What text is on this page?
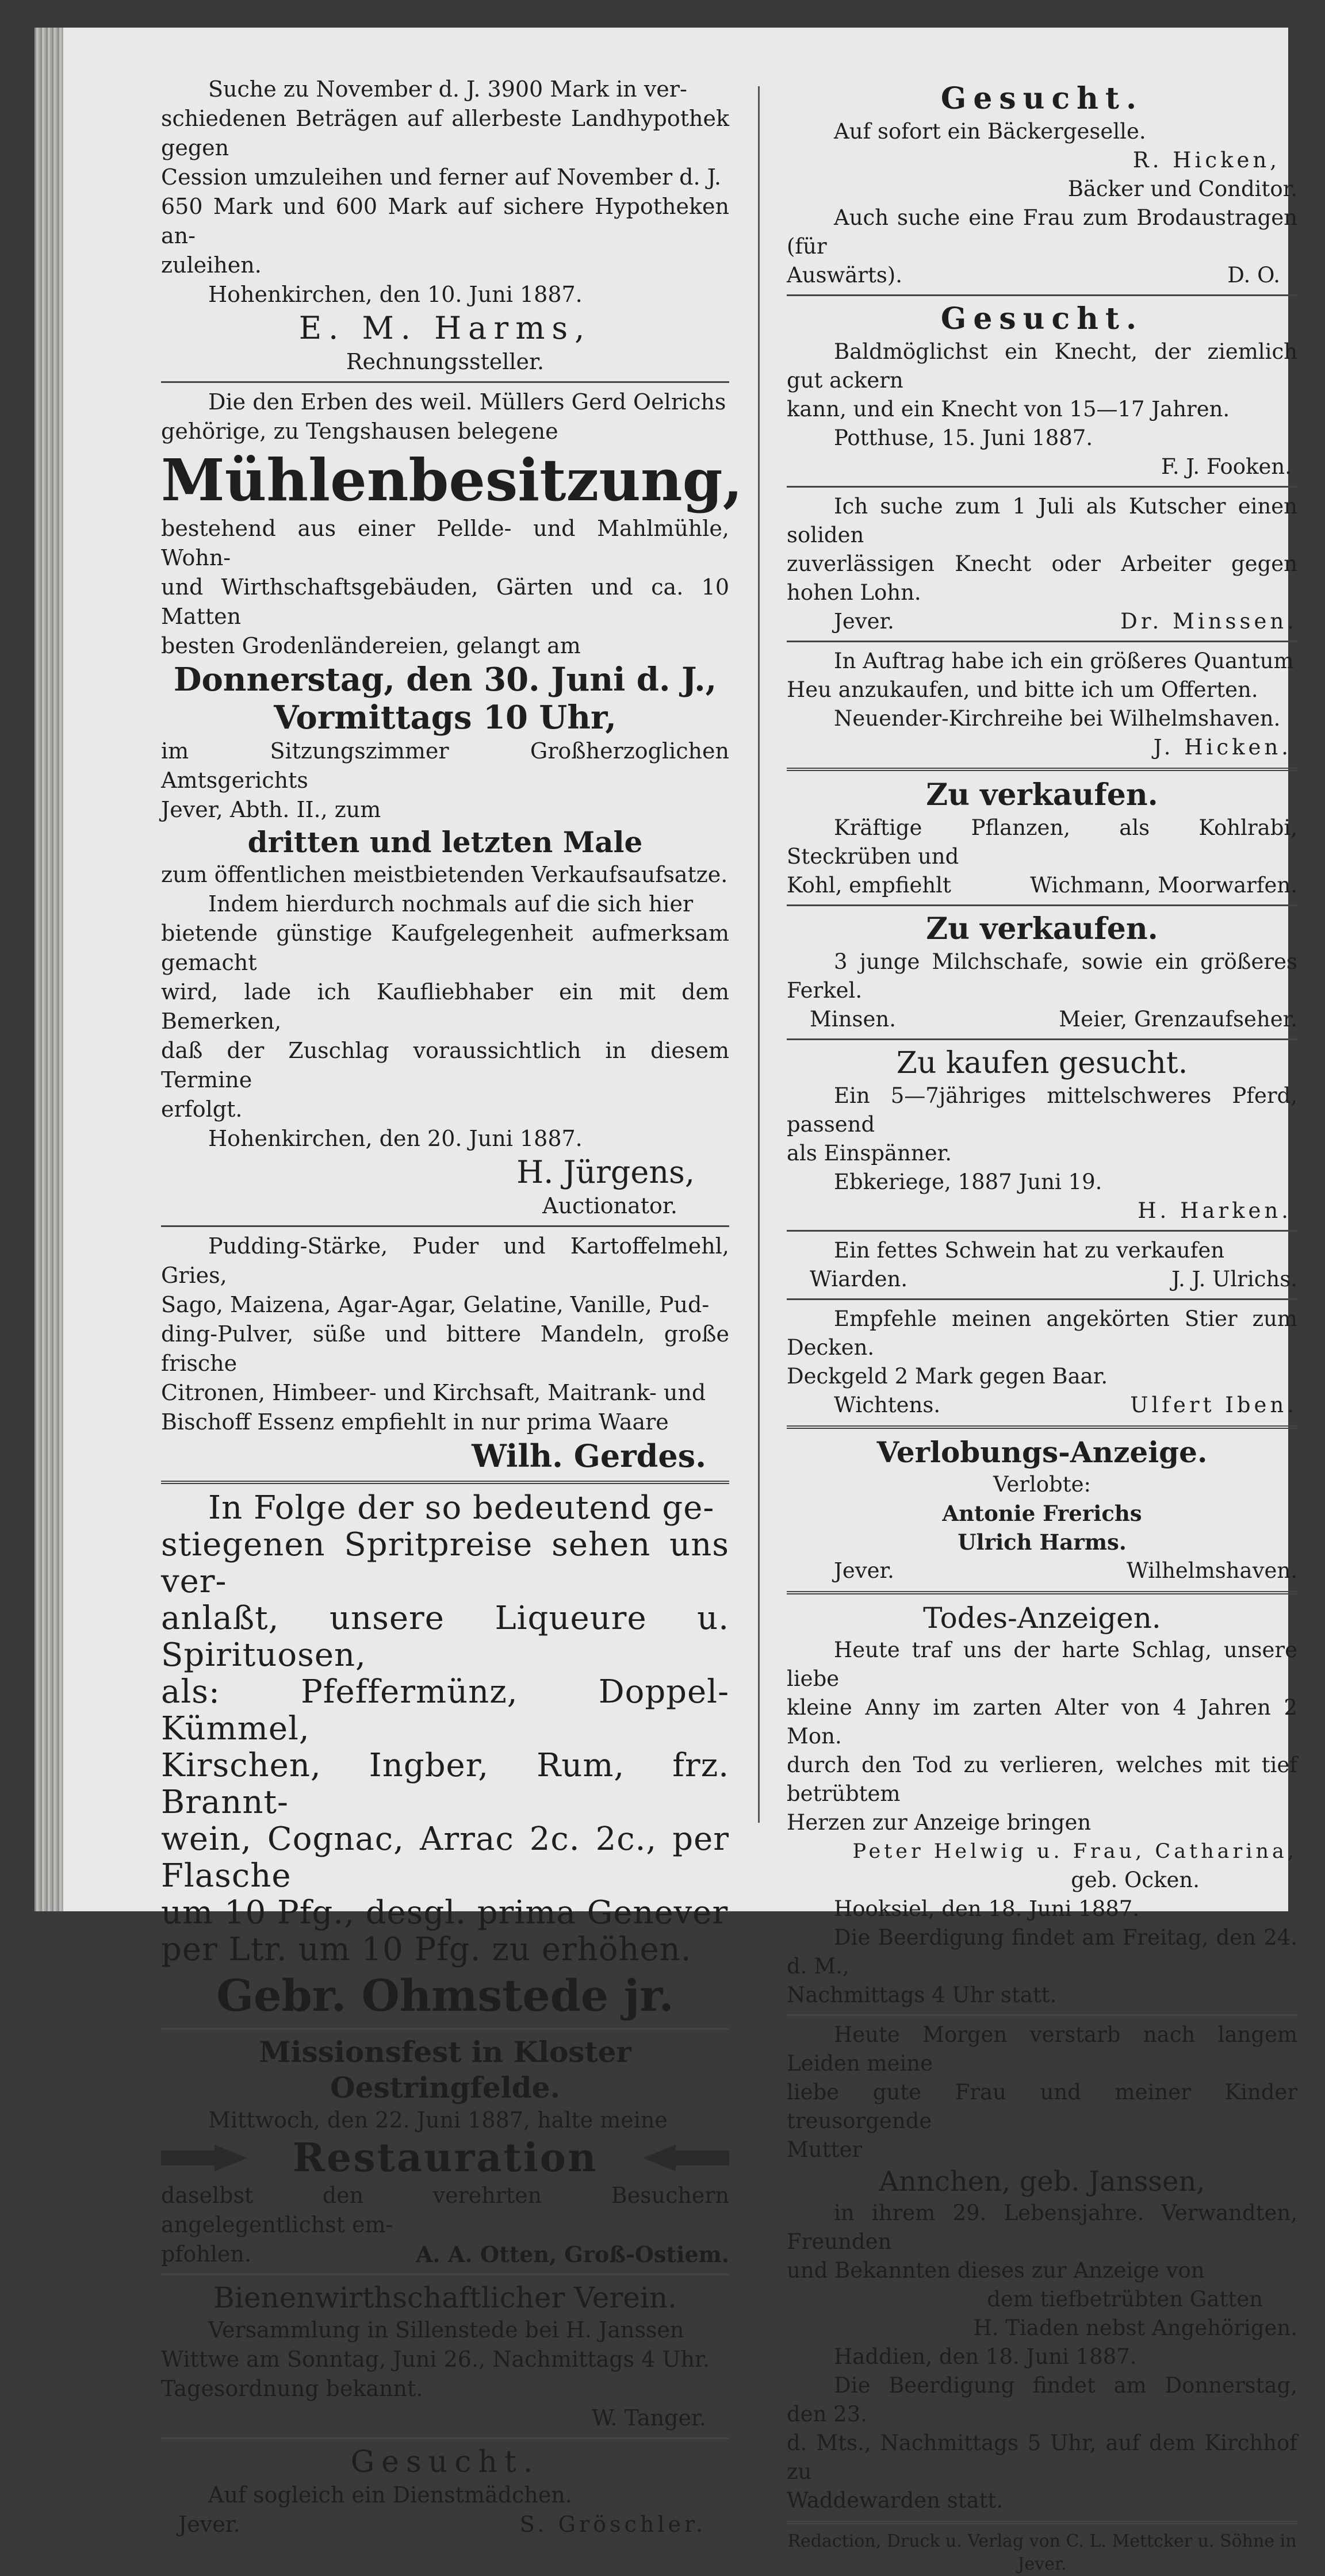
Suche zu November d. J. 3900 Mark in ver-

schiedenen Beträgen auf allerbeste Landhypothek gegen

Cession umzuleihen und ferner auf November d. J.

650 Mark und 600 Mark auf sichere Hypotheken an-

zuleihen.

Hohenkirchen, den 10. Juni 1887.

E. M. Harms,

Rechnungssteller.

Die den Erben des weil. Müllers Gerd Oelrichs

gehörige, zu Tengshausen belegene

Mühlenbesitzung,

bestehend aus einer Pellde- und Mahlmühle, Wohn-

und Wirthschaftsgebäuden, Gärten und ca. 10 Matten

besten Grodenländereien, gelangt am

Donnerstag, den 30. Juni d. J.,

Vormittags 10 Uhr,

im Sitzungszimmer Großherzoglichen Amtsgerichts

Jever, Abth. II., zum

dritten und letzten Male

zum öffentlichen meistbietenden Verkaufsaufsatze.

Indem hierdurch nochmals auf die sich hier

bietende günstige Kaufgelegenheit aufmerksam gemacht

wird, lade ich Kaufliebhaber ein mit dem Bemerken,

daß der Zuschlag voraussichtlich in diesem Termine

erfolgt.

Hohenkirchen, den 20. Juni 1887.

H. Jürgens,

Auctionator.

Pudding-Stärke, Puder und Kartoffelmehl, Gries,

Sago, Maizena, Agar-Agar, Gelatine, Vanille, Pud-

ding-Pulver, süße und bittere Mandeln, große frische

Citronen, Himbeer- und Kirchsaft, Maitrank- und

Bischoff Essenz empfiehlt in nur prima Waare

Wilh. Gerdes.

In Folge der so bedeutend ge-

stiegenen Spritpreise sehen uns ver-

anlaßt, unsere Liqueure u. Spirituosen,

als: Pfeffermünz, Doppel-Kümmel,

Kirschen, Ingber, Rum, frz. Brannt-

wein, Cognac, Arrac 2c. 2c., per Flasche

um 10 Pfg., desgl. prima Genever

per Ltr. um 10 Pfg. zu erhöhen.

Gebr. Ohmstede jr.

Missionsfest in Kloster Oestringfelde.

Mittwoch, den 22. Juni 1887, halte meine

Restauration

daselbst den verehrten Besuchern angelegentlichst em-

pfohlen.	A. A. Otten, Groß-Ostiem.

Bienenwirthschaftlicher Verein.

Versammlung in Sillenstede bei H. Janssen

Wittwe am Sonntag, Juni 26., Nachmittags 4 Uhr.

Tagesordnung bekannt.

W. Tanger.

Gesucht.

Auf sogleich ein Dienstmädchen.

Jever.	S. Gröschler.

Gesucht.

Auf sofort ein Bäckergeselle.

R. Hicken,

Bäcker und Conditor.

Auch suche eine Frau zum Brodaustragen (für

Auswärts).	D. O.

Gesucht.

Baldmöglichst ein Knecht, der ziemlich gut ackern

kann, und ein Knecht von 15—17 Jahren.

Potthuse, 15. Juni 1887.

F. J. Fooken.

Ich suche zum 1 Juli als Kutscher einen soliden

zuverlässigen Knecht oder Arbeiter gegen hohen Lohn.

Jever.	Dr. Minssen.

In Auftrag habe ich ein größeres Quantum

Heu anzukaufen, und bitte ich um Offerten.

Neuender-Kirchreihe bei Wilhelmshaven.

J. Hicken.

Zu verkaufen.

Kräftige Pflanzen, als Kohlrabi, Steckrüben und

Kohl, empfiehlt	Wichmann, Moorwarfen.

Zu verkaufen.

3 junge Milchschafe, sowie ein größeres Ferkel.

Minsen.	Meier, Grenzaufseher.

Zu kaufen gesucht.

Ein 5—7jähriges mittelschweres Pferd, passend

als Einspänner.

Ebkeriege, 1887 Juni 19.

H. Harken.

Ein fettes Schwein hat zu verkaufen

Wiarden.	J. J. Ulrichs.

Empfehle meinen angekörten Stier zum Decken.

Deckgeld 2 Mark gegen Baar.

Wichtens.	Ulfert Iben.

Verlobungs-Anzeige.

Verlobte:

Antonie Frerichs

Ulrich Harms.

Jever.	Wilhelmshaven.

Todes-Anzeigen.

Heute traf uns der harte Schlag, unsere liebe

kleine Anny im zarten Alter von 4 Jahren 2 Mon.

durch den Tod zu verlieren, welches mit tief betrübtem

Herzen zur Anzeige bringen

Peter Helwig u. Frau, Catharina,

geb. Ocken.

Hooksiel, den 18. Juni 1887.

Die Beerdigung findet am Freitag, den 24. d. M.,

Nachmittags 4 Uhr statt.

Heute Morgen verstarb nach langem Leiden meine

liebe gute Frau und meiner Kinder treusorgende

Mutter

Annchen, geb. Janssen,

in ihrem 29. Lebensjahre. Verwandten, Freunden

und Bekannten dieses zur Anzeige von

dem tiefbetrübten Gatten

H. Tiaden nebst Angehörigen.

Haddien, den 18. Juni 1887.

Die Beerdigung findet am Donnerstag, den 23.

d. Mts., Nachmittags 5 Uhr, auf dem Kirchhof zu

Waddewarden statt.

Redaction, Druck u. Verlag von C. L. Mettcker u. Söhne in Jever.
